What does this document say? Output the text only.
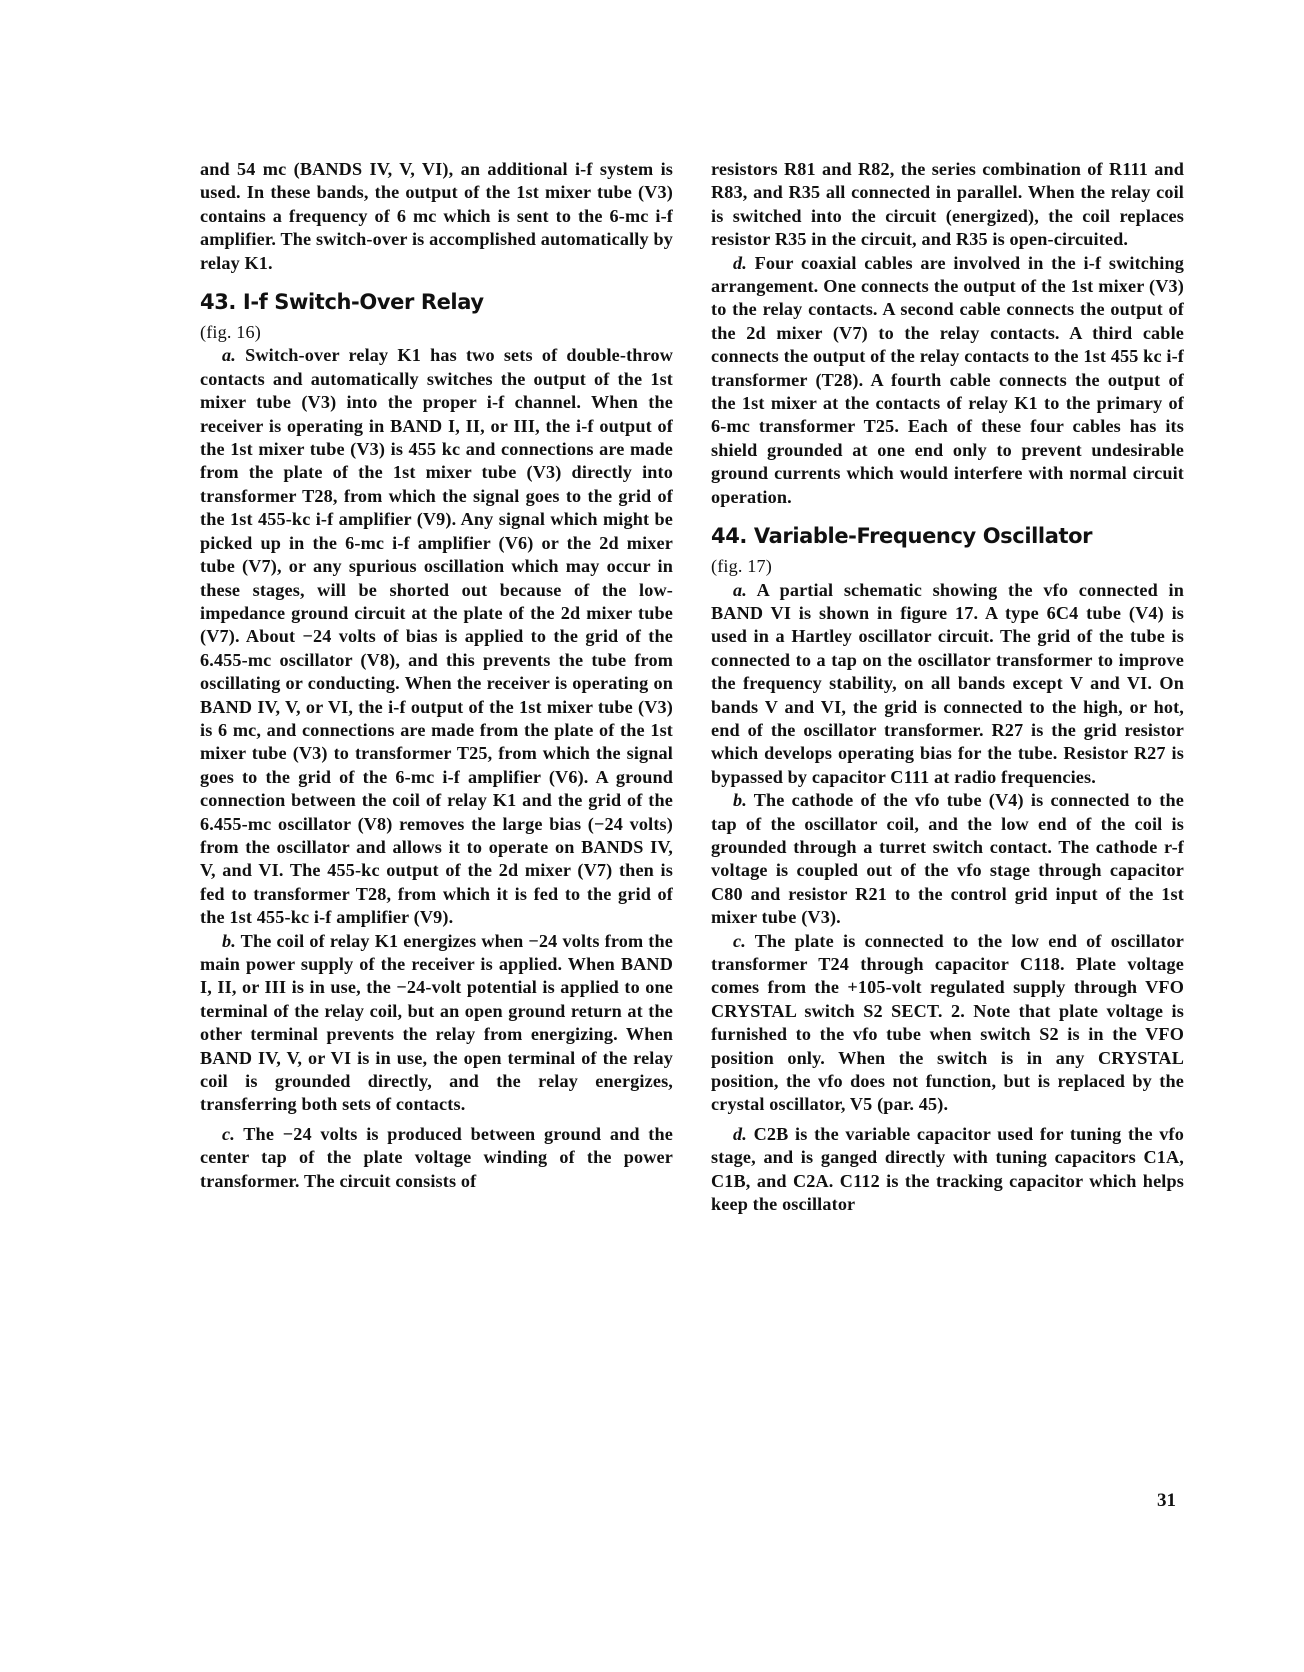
and 54 mc (BANDS IV, V, VI), an additional i-f system is used. In these bands, the output of the 1st mixer tube (V3) contains a frequency of 6 mc which is sent to the 6-mc i-f amplifier. The switch-over is accomplished automatically by relay K1.

43. I-f Switch-Over Relay

(fig. 16)

a. Switch-over relay K1 has two sets of double-throw contacts and automatically switches the output of the 1st mixer tube (V3) into the proper i-f channel. When the receiver is operating in BAND I, II, or III, the i-f output of the 1st mixer tube (V3) is 455 kc and connections are made from the plate of the 1st mixer tube (V3) directly into transformer T28, from which the signal goes to the grid of the 1st 455-kc i-f amplifier (V9). Any signal which might be picked up in the 6-mc i-f amplifier (V6) or the 2d mixer tube (V7), or any spurious oscillation which may occur in these stages, will be shorted out because of the low-impedance ground circuit at the plate of the 2d mixer tube (V7). About −24 volts of bias is applied to the grid of the 6.455-mc oscillator (V8), and this prevents the tube from oscillating or conducting. When the receiver is operating on BAND IV, V, or VI, the i-f output of the 1st mixer tube (V3) is 6 mc, and connections are made from the plate of the 1st mixer tube (V3) to transformer T25, from which the signal goes to the grid of the 6-mc i-f amplifier (V6). A ground connection between the coil of relay K1 and the grid of the 6.455-mc oscillator (V8) removes the large bias (−24 volts) from the oscillator and allows it to operate on BANDS IV, V, and VI. The 455-kc output of the 2d mixer (V7) then is fed to transformer T28, from which it is fed to the grid of the 1st 455-kc i-f amplifier (V9).

b. The coil of relay K1 energizes when −24 volts from the main power supply of the receiver is applied. When BAND I, II, or III is in use, the −24-volt potential is applied to one terminal of the relay coil, but an open ground return at the other terminal prevents the relay from energizing. When BAND IV, V, or VI is in use, the open terminal of the relay coil is grounded directly, and the relay energizes, transferring both sets of contacts.

c. The −24 volts is produced between ground and the center tap of the plate voltage winding of the power transformer. The circuit consists of

resistors R81 and R82, the series combination of R111 and R83, and R35 all connected in parallel. When the relay coil is switched into the circuit (energized), the coil replaces resistor R35 in the circuit, and R35 is open-circuited.

d. Four coaxial cables are involved in the i-f switching arrangement. One connects the output of the 1st mixer (V3) to the relay contacts. A second cable connects the output of the 2d mixer (V7) to the relay contacts. A third cable connects the output of the relay contacts to the 1st 455 kc i-f transformer (T28). A fourth cable connects the output of the 1st mixer at the contacts of relay K1 to the primary of 6-mc transformer T25. Each of these four cables has its shield grounded at one end only to prevent undesirable ground currents which would interfere with normal circuit operation.

44. Variable-Frequency Oscillator

(fig. 17)

a. A partial schematic showing the vfo connected in BAND VI is shown in figure 17. A type 6C4 tube (V4) is used in a Hartley oscillator circuit. The grid of the tube is connected to a tap on the oscillator transformer to improve the frequency stability, on all bands except V and VI. On bands V and VI, the grid is connected to the high, or hot, end of the oscillator transformer. R27 is the grid resistor which develops operating bias for the tube. Resistor R27 is bypassed by capacitor C111 at radio frequencies.

b. The cathode of the vfo tube (V4) is connected to the tap of the oscillator coil, and the low end of the coil is grounded through a turret switch contact. The cathode r-f voltage is coupled out of the vfo stage through capacitor C80 and resistor R21 to the control grid input of the 1st mixer tube (V3).

c. The plate is connected to the low end of oscillator transformer T24 through capacitor C118. Plate voltage comes from the +105-volt regulated supply through VFO CRYSTAL switch S2 SECT. 2. Note that plate voltage is furnished to the vfo tube when switch S2 is in the VFO position only. When the switch is in any CRYSTAL position, the vfo does not function, but is replaced by the crystal oscillator, V5 (par. 45).

d. C2B is the variable capacitor used for tuning the vfo stage, and is ganged directly with tuning capacitors C1A, C1B, and C2A. C112 is the tracking capacitor which helps keep the oscillator

31
